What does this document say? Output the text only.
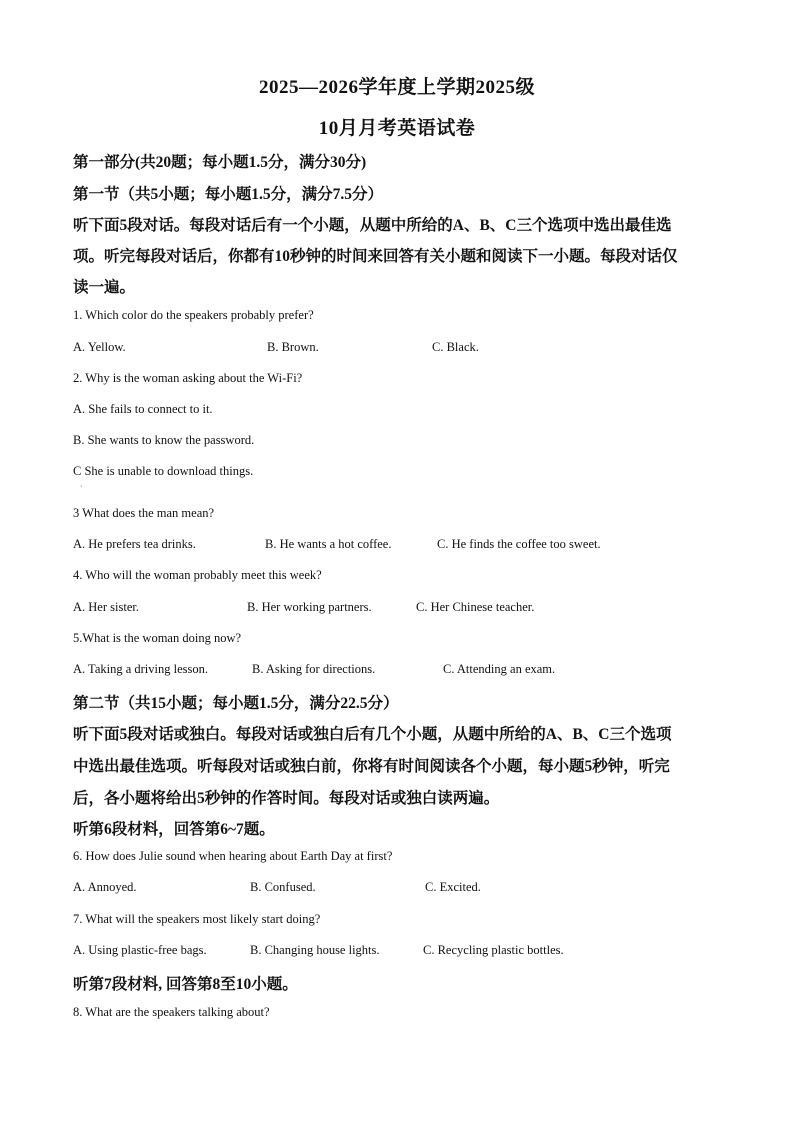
2025—2026学年度上学期2025级
10月月考英语试卷
第一部分(共20题；每小题1.5分，满分30分)
第一节（共5小题；每小题1.5分，满分7.5分）
听下面5段对话。每段对话后有一个小题，从题中所给的A、B、C三个选项中选出最佳选
项。听完每段对话后，你都有10秒钟的时间来回答有关小题和阅读下一小题。每段对话仅
读一遍。
1. Which color do the speakers probably prefer?
A. Yellow.	B. Brown.	C. Black.
2. Why is the woman asking about the Wi-Fi?
A. She fails to connect to it.
B. She wants to know the password.
C She is unable to download things.
·
3 What does the man mean?
A. He prefers tea drinks.	B. He wants a hot coffee.	C. He finds the coffee too sweet.
4. Who will the woman probably meet this week?
A. Her sister.	B. Her working partners.	C. Her Chinese teacher.
5.What is the woman doing now?
A. Taking a driving lesson.	B. Asking for directions.	C. Attending an exam.
第二节（共15小题；每小题1.5分，满分22.5分）
听下面5段对话或独白。每段对话或独白后有几个小题，从题中所给的A、B、C三个选项
中选出最佳选项。听每段对话或独白前，你将有时间阅读各个小题，每小题5秒钟，听完
后，各小题将给出5秒钟的作答时间。每段对话或独白读两遍。
听第6段材料，回答第6~7题。
6. How does Julie sound when hearing about Earth Day at first?
A. Annoyed.	B. Confused.	C. Excited.
7. What will the speakers most likely start doing?
A. Using plastic-free bags.	B. Changing house lights.	C. Recycling plastic bottles.
听第7段材料, 回答第8至10小题。
8. What are the speakers talking about?
